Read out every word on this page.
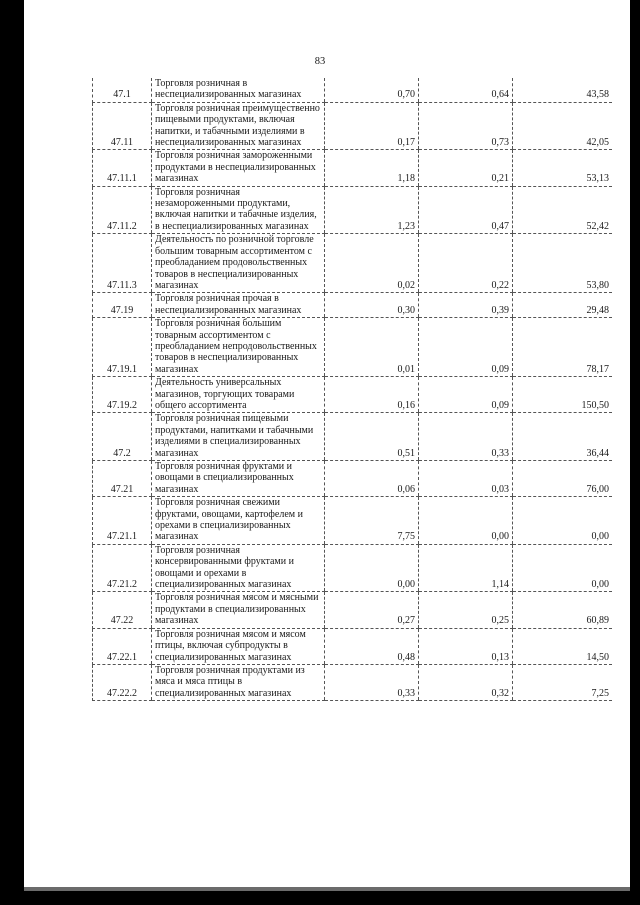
83
47.1	Торговля розничная в неспециализированных магазинах	0,70	0,64	43,58
47.11	Торговля розничная преимущественно пищевыми продуктами, включая напитки, и табачными изделиями в неспециализированных магазинах	0,17	0,73	42,05
47.11.1	Торговля розничная замороженными продуктами в неспециализированных магазинах	1,18	0,21	53,13
47.11.2	Торговля розничная незамороженными продуктами, включая напитки и табачные изделия, в неспециализированных магазинах	1,23	0,47	52,42
47.11.3	Деятельность по розничной торговле большим товарным ассортиментом с преобладанием продовольственных товаров в неспециализированных магазинах	0,02	0,22	53,80
47.19	Торговля розничная прочая в неспециализированных магазинах	0,30	0,39	29,48
47.19.1	Торговля розничная большим товарным ассортиментом с преобладанием непродовольственных товаров в неспециализированных магазинах	0,01	0,09	78,17
47.19.2	Деятельность универсальных магазинов, торгующих товарами общего ассортимента	0,16	0,09	150,50
47.2	Торговля розничная пищевыми продуктами, напитками и табачными изделиями в специализированных магазинах	0,51	0,33	36,44
47.21	Торговля розничная фруктами и овощами в специализированных магазинах	0,06	0,03	76,00
47.21.1	Торговля розничная свежими фруктами, овощами, картофелем и орехами в специализированных магазинах	7,75	0,00	0,00
47.21.2	Торговля розничная консервированными фруктами и овощами и орехами в специализированных магазинах	0,00	1,14	0,00
47.22	Торговля розничная мясом и мясными продуктами в специализированных магазинах	0,27	0,25	60,89
47.22.1	Торговля розничная мясом и мясом птицы, включая субпродукты в специализированных магазинах	0,48	0,13	14,50
47.22.2	Торговля розничная продуктами из мяса и мяса птицы в специализированных магазинах	0,33	0,32	7,25
